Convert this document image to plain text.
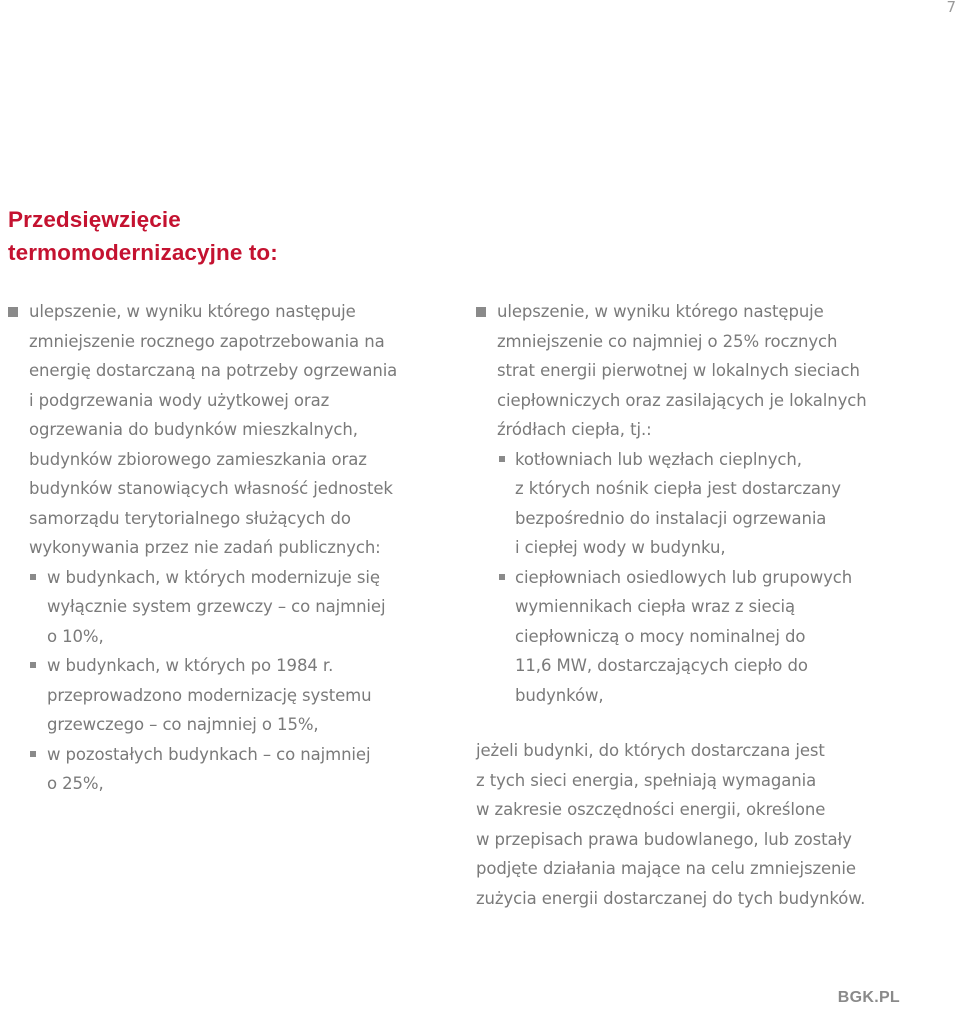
7
Przedsięwzięcie
termomodernizacyjne to:
ulepszenie, w wyniku którego następuje
zmniejszenie rocznego zapotrzebowania na
energię dostarczaną na potrzeby ogrzewania
i podgrzewania wody użytkowej oraz
ogrzewania do budynków mieszkalnych,
budynków zbiorowego zamieszkania oraz
budynków stanowiących własność jednostek
samorządu terytorialnego służących do
wykonywania przez nie zadań publicznych:
w budynkach, w których modernizuje się
wyłącznie system grzewczy – co najmniej
o 10%,
w budynkach, w których po 1984 r.
przeprowadzono modernizację systemu
grzewczego – co najmniej o 15%,
w pozostałych budynkach – co najmniej
o 25%,
ulepszenie, w wyniku którego następuje
zmniejszenie co najmniej o 25% rocznych
strat energii pierwotnej w lokalnych sieciach
ciepłowniczych oraz zasilających je lokalnych
źródłach ciepła, tj.:
kotłowniach lub węzłach cieplnych,
z których nośnik ciepła jest dostarczany
bezpośrednio do instalacji ogrzewania
i ciepłej wody w budynku,
ciepłowniach osiedlowych lub grupowych
wymiennikach ciepła wraz z siecią
ciepłowniczą o mocy nominalnej do
11,6 MW, dostarczających ciepło do
budynków,
jeżeli budynki, do których dostarczana jest
z tych sieci energia, spełniają wymagania
w zakresie oszczędności energii, określone
w przepisach prawa budowlanego, lub zostały
podjęte działania mające na celu zmniejszenie
zużycia energii dostarczanej do tych budynków.
BGK.PL
